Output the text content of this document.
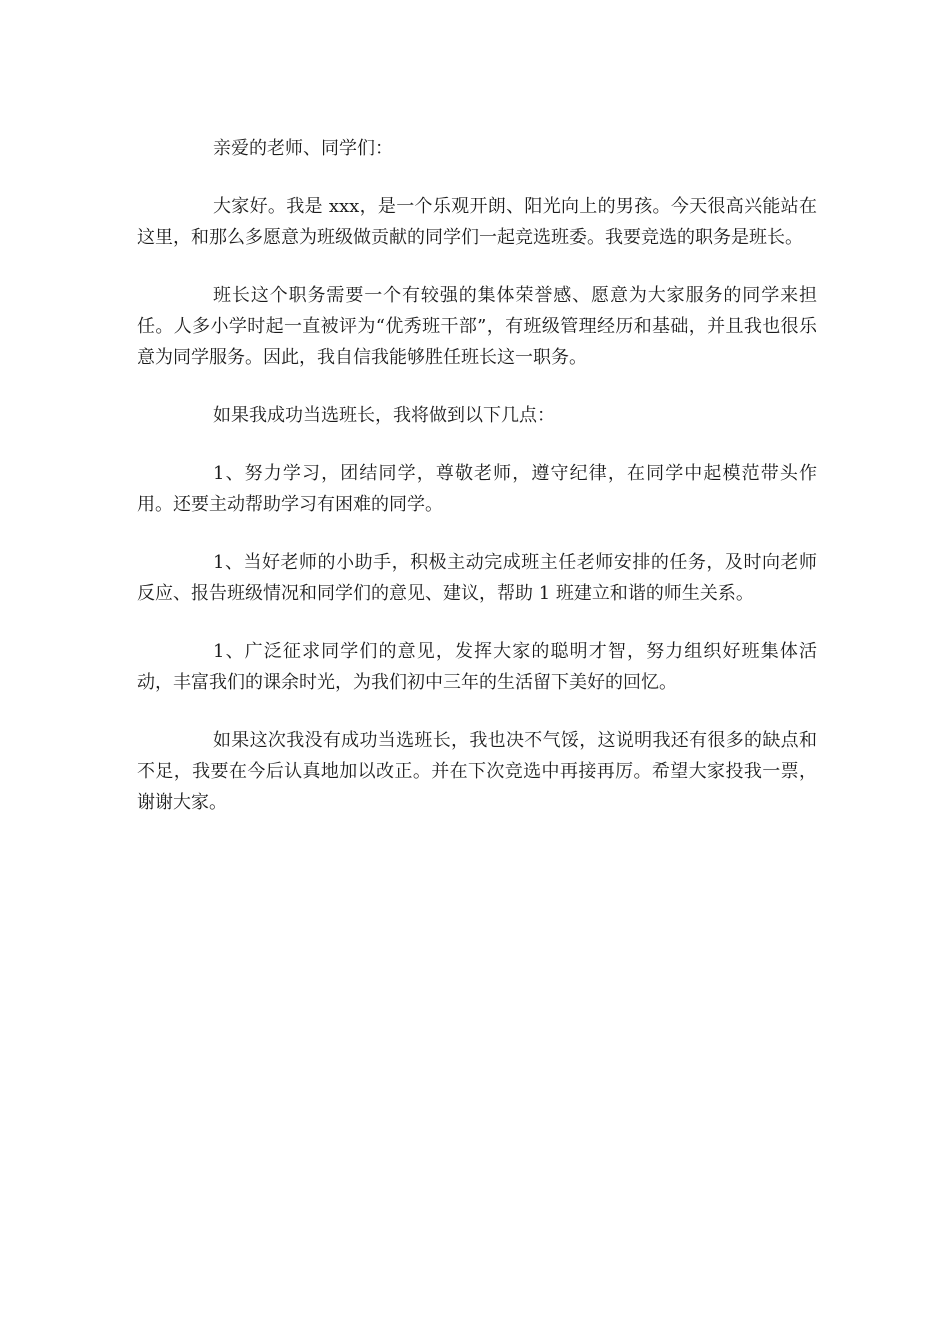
亲爱的老师、同学们：

大家好。我是 xxx，是一个乐观开朗、阳光向上的男孩。今天很高兴能站在这里，和那么多愿意为班级做贡献的同学们一起竞选班委。我要竞选的职务是班长。

班长这个职务需要一个有较强的集体荣誉感、愿意为大家服务的同学来担任。人多小学时起一直被评为“优秀班干部”，有班级管理经历和基础，并且我也很乐意为同学服务。因此，我自信我能够胜任班长这一职务。

如果我成功当选班长，我将做到以下几点：

1、努力学习，团结同学，尊敬老师，遵守纪律，在同学中起模范带头作用。还要主动帮助学习有困难的同学。

1、当好老师的小助手，积极主动完成班主任老师安排的任务，及时向老师反应、报告班级情况和同学们的意见、建议，帮助 1 班建立和谐的师生关系。

1、广泛征求同学们的意见，发挥大家的聪明才智，努力组织好班集体活动，丰富我们的课余时光，为我们初中三年的生活留下美好的回忆。

如果这次我没有成功当选班长，我也决不气馁，这说明我还有很多的缺点和不足，我要在今后认真地加以改正。并在下次竞选中再接再厉。希望大家投我一票，谢谢大家。
